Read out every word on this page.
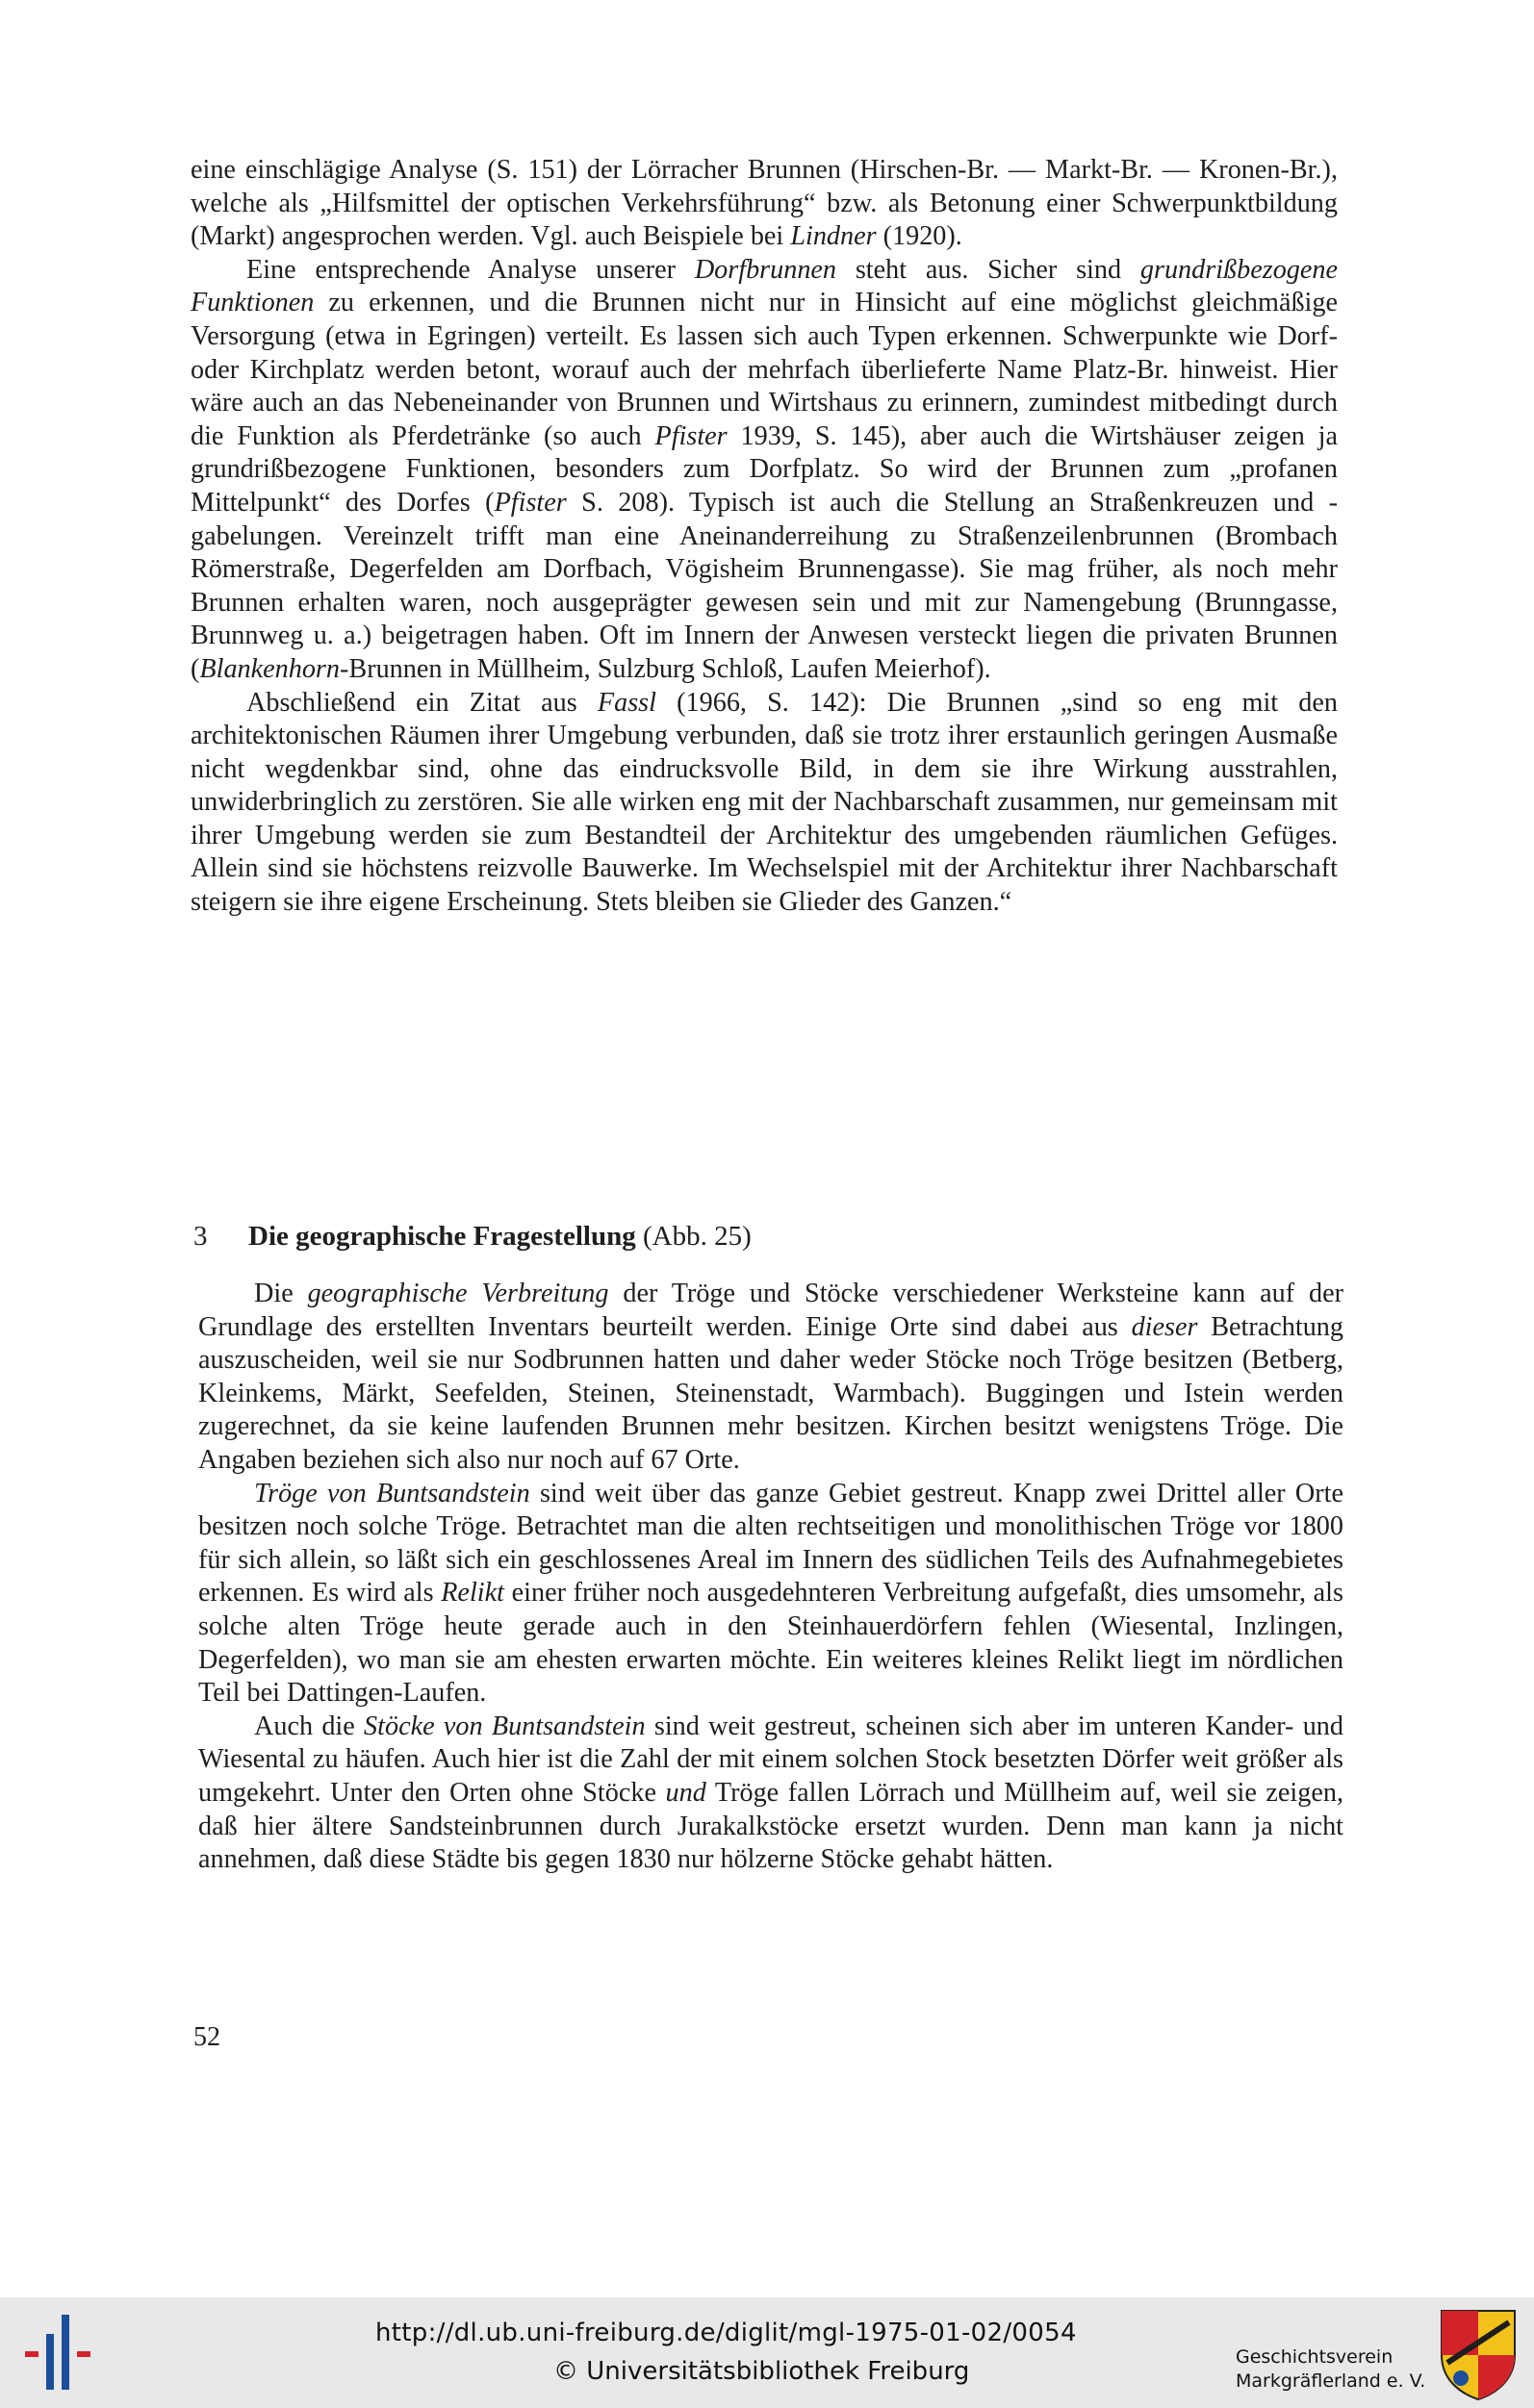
eine einschlägige Analyse (S. 151) der Lörracher Brunnen (Hirschen-Br. — Markt-Br. — Kronen-Br.), welche als „Hilfsmittel der optischen Verkehrsführung“ bzw. als Betonung einer Schwerpunktbildung (Markt) angesprochen werden. Vgl. auch Beispiele bei Lindner (1920).

Eine entsprechende Analyse unserer Dorfbrunnen steht aus. Sicher sind grundrißbezogene Funktionen zu erkennen, und die Brunnen nicht nur in Hinsicht auf eine möglichst gleichmäßige Versorgung (etwa in Egringen) verteilt. Es lassen sich auch Typen erkennen. Schwerpunkte wie Dorf- oder Kirchplatz werden betont, worauf auch der mehrfach überlieferte Name Platz-Br. hinweist. Hier wäre auch an das Nebeneinander von Brunnen und Wirtshaus zu erinnern, zumindest mitbedingt durch die Funktion als Pferdetränke (so auch Pfister 1939, S. 145), aber auch die Wirtshäuser zeigen ja grundrißbezogene Funktionen, besonders zum Dorfplatz. So wird der Brunnen zum „profanen Mittelpunkt“ des Dorfes (Pfister S. 208). Typisch ist auch die Stellung an Straßenkreuzen und -gabelungen. Vereinzelt trifft man eine Aneinanderreihung zu Straßenzeilenbrunnen (Brombach Römerstraße, Degerfelden am Dorfbach, Vögisheim Brunnengasse). Sie mag früher, als noch mehr Brunnen erhalten waren, noch ausgeprägter gewesen sein und mit zur Namengebung (Brunngasse, Brunnweg u. a.) beigetragen haben. Oft im Innern der Anwesen versteckt liegen die privaten Brunnen (Blankenhorn-Brunnen in Müllheim, Sulzburg Schloß, Laufen Meierhof).

Abschließend ein Zitat aus Fassl (1966, S. 142): Die Brunnen „sind so eng mit den architektonischen Räumen ihrer Umgebung verbunden, daß sie trotz ihrer erstaunlich geringen Ausmaße nicht wegdenkbar sind, ohne das eindrucksvolle Bild, in dem sie ihre Wirkung ausstrahlen, unwiderbringlich zu zerstören. Sie alle wirken eng mit der Nachbarschaft zusammen, nur gemeinsam mit ihrer Umgebung werden sie zum Bestandteil der Architektur des umgebenden räumlichen Gefüges. Allein sind sie höchstens reizvolle Bauwerke. Im Wechselspiel mit der Architektur ihrer Nachbarschaft steigern sie ihre eigene Erscheinung. Stets bleiben sie Glieder des Ganzen.“

3 Die geographische Fragestellung (Abb. 25)

Die geographische Verbreitung der Tröge und Stöcke verschiedener Werksteine kann auf der Grundlage des erstellten Inventars beurteilt werden. Einige Orte sind dabei aus dieser Betrachtung auszuscheiden, weil sie nur Sodbrunnen hatten und daher weder Stöcke noch Tröge besitzen (Betberg, Kleinkems, Märkt, Seefelden, Steinen, Steinenstadt, Warmbach). Buggingen und Istein werden zugerechnet, da sie keine laufenden Brunnen mehr besitzen. Kirchen besitzt wenigstens Tröge. Die Angaben beziehen sich also nur noch auf 67 Orte.

Tröge von Buntsandstein sind weit über das ganze Gebiet gestreut. Knapp zwei Drittel aller Orte besitzen noch solche Tröge. Betrachtet man die alten rechtseitigen und monolithischen Tröge vor 1800 für sich allein, so läßt sich ein geschlossenes Areal im Innern des südlichen Teils des Aufnahmegebietes erkennen. Es wird als Relikt einer früher noch ausgedehnteren Verbreitung aufgefaßt, dies umsomehr, als solche alten Tröge heute gerade auch in den Steinhauerdörfern fehlen (Wiesental, Inzlingen, Degerfelden), wo man sie am ehesten erwarten möchte. Ein weiteres kleines Relikt liegt im nördlichen Teil bei Dattingen-Laufen.

Auch die Stöcke von Buntsandstein sind weit gestreut, scheinen sich aber im unteren Kander- und Wiesental zu häufen. Auch hier ist die Zahl der mit einem solchen Stock besetzten Dörfer weit größer als umgekehrt. Unter den Orten ohne Stöcke und Tröge fallen Lörrach und Müllheim auf, weil sie zeigen, daß hier ältere Sandsteinbrunnen durch Jurakalkstöcke ersetzt wurden. Denn man kann ja nicht annehmen, daß diese Städte bis gegen 1830 nur hölzerne Stöcke gehabt hätten.

52
http://dl.ub.uni-freiburg.de/diglit/mgl-1975-01-02/0054
© Universitätsbibliothek Freiburg	Geschichtsverein
Markgräflerland e. V.
